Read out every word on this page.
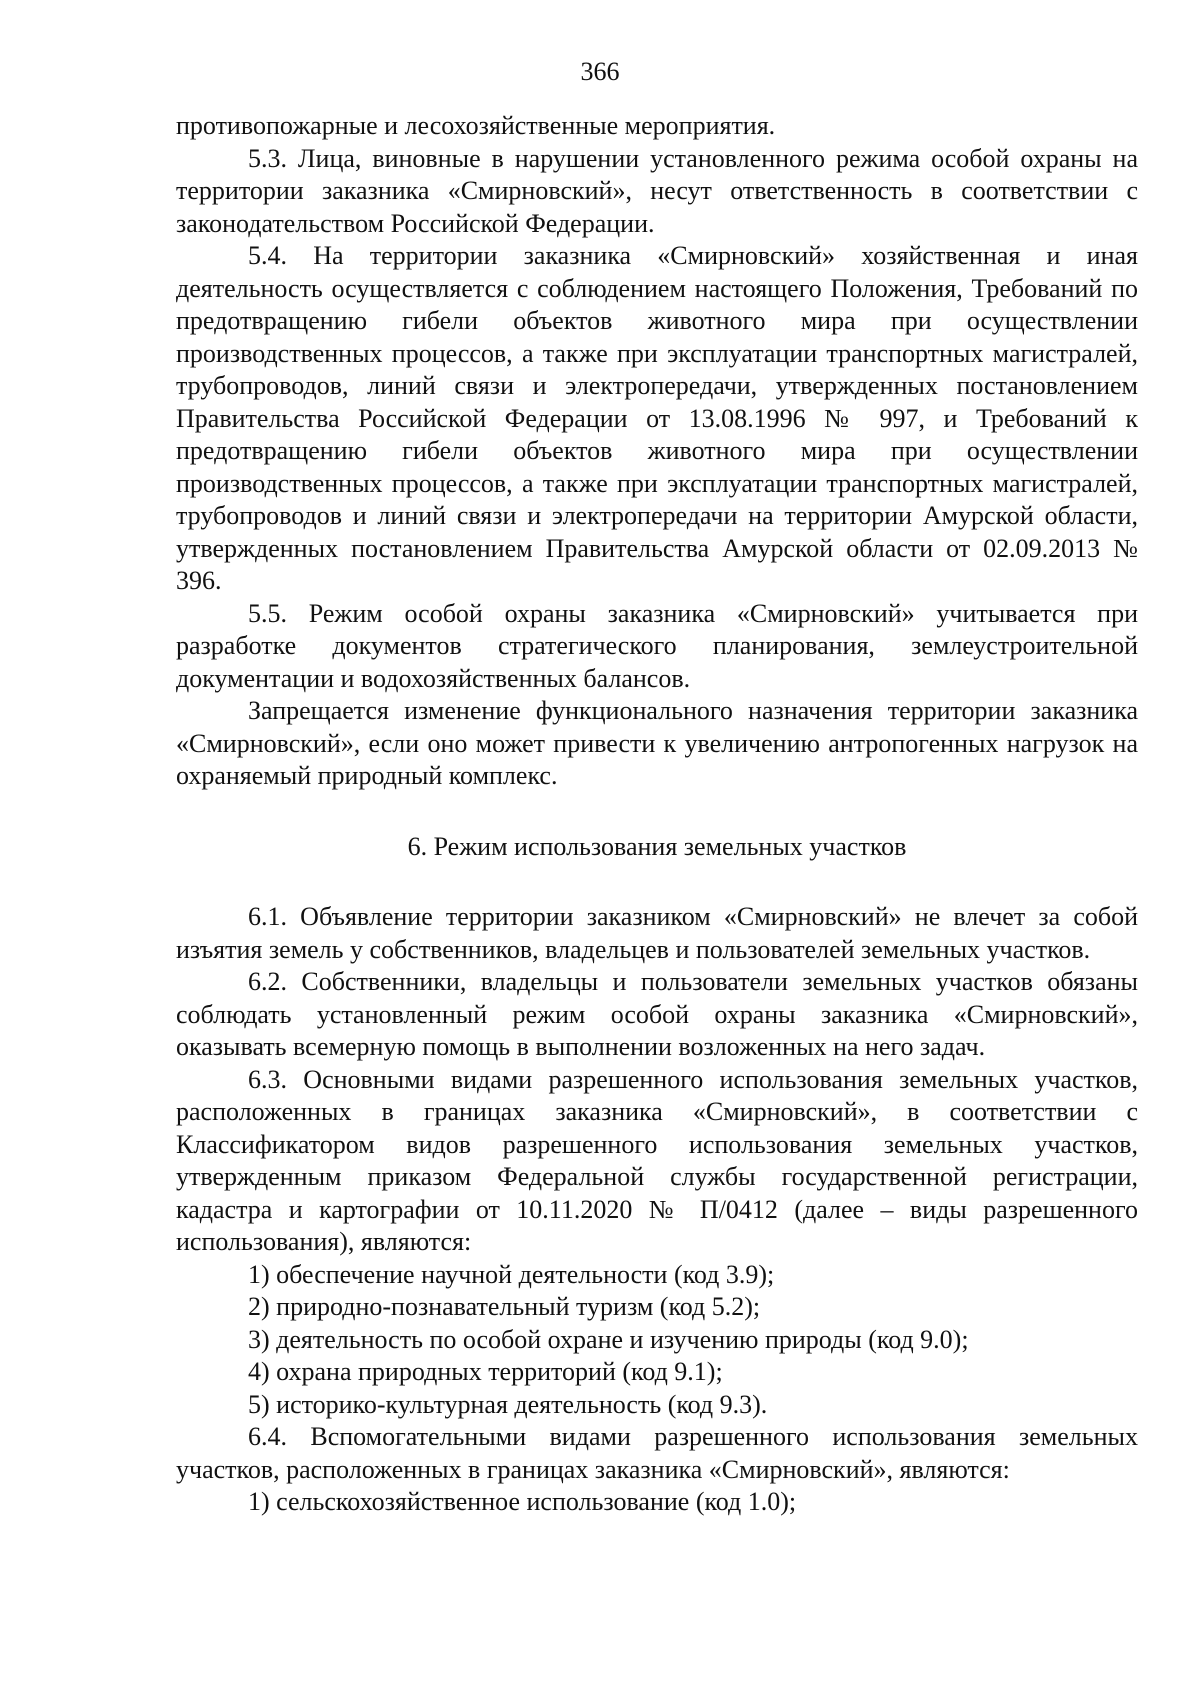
366

противопожарные и лесохозяйственные мероприятия.

5.3. Лица, виновные в нарушении установленного режима особой охраны на территории заказника «Смирновский», несут ответственность в соответствии с законодательством Российской Федерации.

5.4. На территории заказника «Смирновский» хозяйственная и иная деятельность осуществляется с соблюдением настоящего Положения, Требований по предотвращению гибели объектов животного мира при осуществлении производственных процессов, а также при эксплуатации транспортных магистралей, трубопроводов, линий связи и электропередачи, утвержденных постановлением Правительства Российской Федерации от 13.08.1996 № 997, и Требований к предотвращению гибели объектов животного мира при осуществлении производственных процессов, а также при эксплуатации транспортных магистралей, трубопроводов и линий связи и электропередачи на территории Амурской области, утвержденных постановлением Правительства Амурской области от 02.09.2013 № 396.

5.5. Режим особой охраны заказника «Смирновский» учитывается при разработке документов стратегического планирования, землеустроительной документации и водохозяйственных балансов.

Запрещается изменение функционального назначения территории заказника «Смирновский», если оно может привести к увеличению антропогенных нагрузок на охраняемый природный комплекс.

6. Режим использования земельных участков

6.1. Объявление территории заказником «Смирновский» не влечет за собой изъятия земель у собственников, владельцев и пользователей земельных участков.

6.2. Собственники, владельцы и пользователи земельных участков обязаны соблюдать установленный режим особой охраны заказника «Смирновский», оказывать всемерную помощь в выполнении возложенных на него задач.

6.3. Основными видами разрешенного использования земельных участков, расположенных в границах заказника «Смирновский», в соответствии с Классификатором видов разрешенного использования земельных участков, утвержденным приказом Федеральной службы государственной регистрации, кадастра и картографии от 10.11.2020 № П/0412 (далее – виды разрешенного использования), являются:

1) обеспечение научной деятельности (код 3.9);

2) природно-познавательный туризм (код 5.2);

3) деятельность по особой охране и изучению природы (код 9.0);

4) охрана природных территорий (код 9.1);

5) историко-культурная деятельность (код 9.3).

6.4. Вспомогательными видами разрешенного использования земельных участков, расположенных в границах заказника «Смирновский», являются:

1) сельскохозяйственное использование (код 1.0);
